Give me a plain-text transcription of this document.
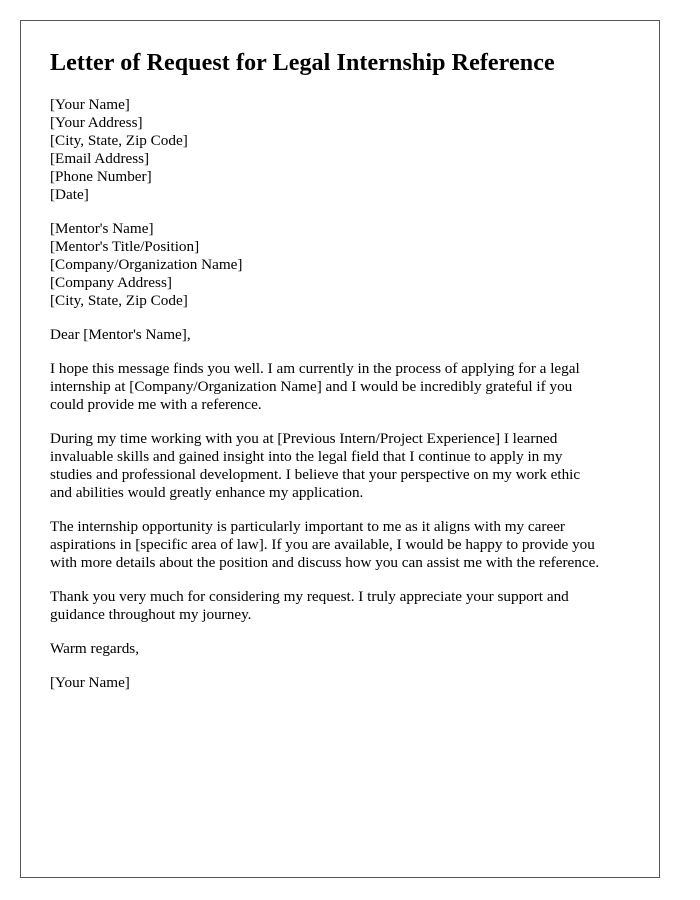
Letter of Request for Legal Internship Reference
[Your Name]
[Your Address]
[City, State, Zip Code]
[Email Address]
[Phone Number]
[Date]
[Mentor's Name]
[Mentor's Title/Position]
[Company/Organization Name]
[Company Address]
[City, State, Zip Code]

Dear [Mentor's Name],

I hope this message finds you well. I am currently in the process of applying for a legal
internship at [Company/Organization Name] and I would be incredibly grateful if you
could provide me with a reference.

During my time working with you at [Previous Intern/Project Experience] I learned
invaluable skills and gained insight into the legal field that I continue to apply in my
studies and professional development. I believe that your perspective on my work ethic
and abilities would greatly enhance my application.

The internship opportunity is particularly important to me as it aligns with my career
aspirations in [specific area of law]. If you are available, I would be happy to provide you
with more details about the position and discuss how you can assist me with the reference.

Thank you very much for considering my request. I truly appreciate your support and
guidance throughout my journey.

Warm regards,

[Your Name]
